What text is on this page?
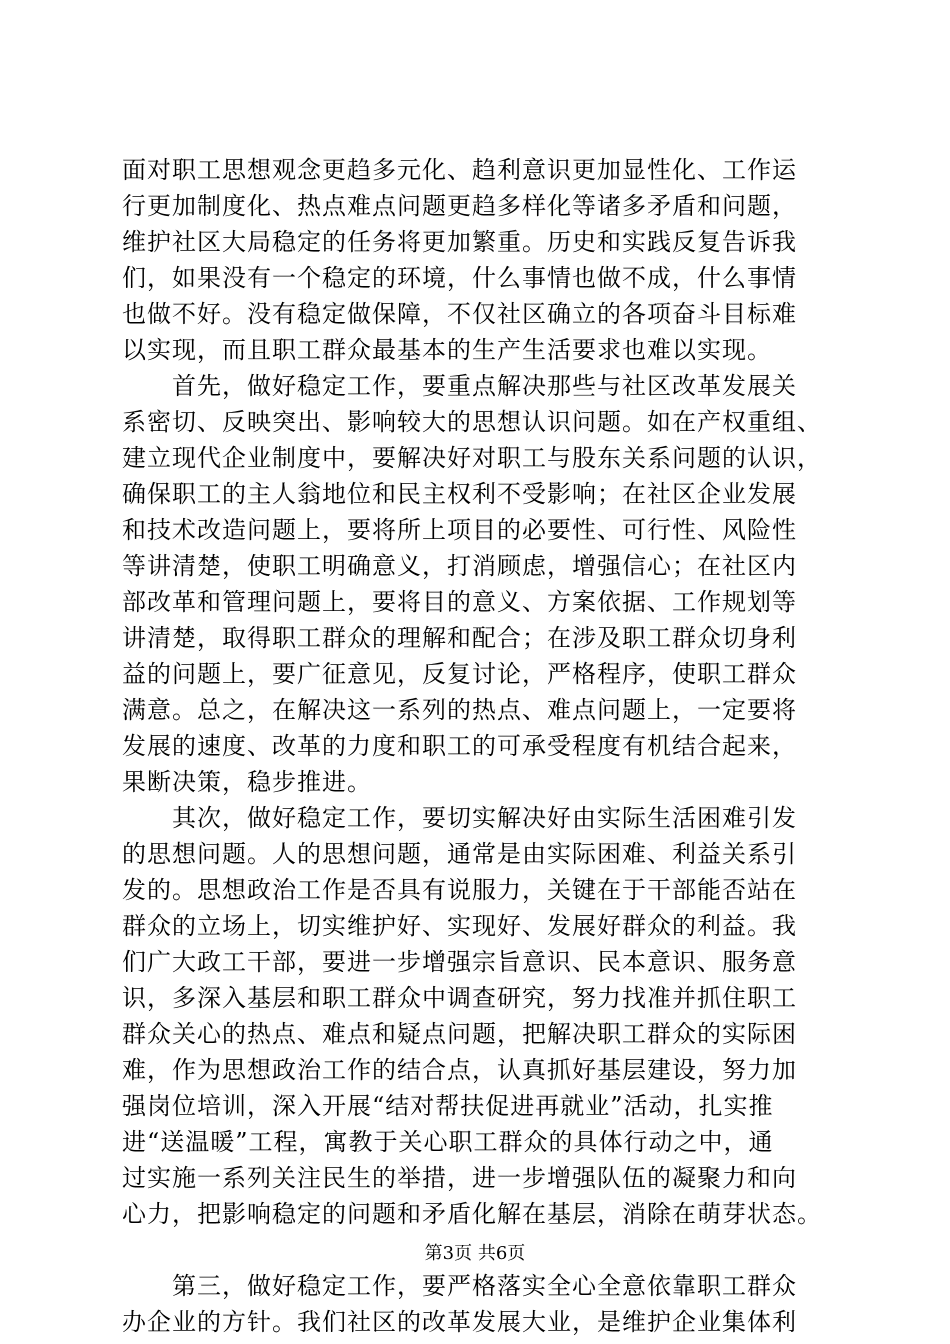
面对职工思想观念更趋多元化、趋利意识更加显性化、工作运
行更加制度化、热点难点问题更趋多样化等诸多矛盾和问题，
维护社区大局稳定的任务将更加繁重。历史和实践反复告诉我
们，如果没有一个稳定的环境，什么事情也做不成，什么事情
也做不好。没有稳定做保障，不仅社区确立的各项奋斗目标难
以实现，而且职工群众最基本的生产生活要求也难以实现。
　　首先，做好稳定工作，要重点解决那些与社区改革发展关
系密切、反映突出、影响较大的思想认识问题。如在产权重组、
建立现代企业制度中，要解决好对职工与股东关系问题的认识，
确保职工的主人翁地位和民主权利不受影响；在社区企业发展
和技术改造问题上，要将所上项目的必要性、可行性、风险性
等讲清楚，使职工明确意义，打消顾虑，增强信心；在社区内
部改革和管理问题上，要将目的意义、方案依据、工作规划等
讲清楚，取得职工群众的理解和配合；在涉及职工群众切身利
益的问题上，要广征意见，反复讨论，严格程序，使职工群众
满意。总之，在解决这一系列的热点、难点问题上，一定要将
发展的速度、改革的力度和职工的可承受程度有机结合起来，
果断决策，稳步推进。
　　其次，做好稳定工作，要切实解决好由实际生活困难引发
的思想问题。人的思想问题，通常是由实际困难、利益关系引
发的。思想政治工作是否具有说服力，关键在于干部能否站在
群众的立场上，切实维护好、实现好、发展好群众的利益。我
们广大政工干部，要进一步增强宗旨意识、民本意识、服务意
识，多深入基层和职工群众中调查研究，努力找准并抓住职工
群众关心的热点、难点和疑点问题，把解决职工群众的实际困
难，作为思想政治工作的结合点，认真抓好基层建设，努力加
强岗位培训，深入开展“结对帮扶促进再就业”活动，扎实推
进“送温暖”工程，寓教于关心职工群众的具体行动之中，通
过实施一系列关注民生的举措，进一步增强队伍的凝聚力和向
心力，把影响稳定的问题和矛盾化解在基层，消除在萌芽状态。
　　第三，做好稳定工作，要严格落实全心全意依靠职工群众
办企业的方针。我们社区的改革发展大业，是维护企业集体利
第3页 共6页
